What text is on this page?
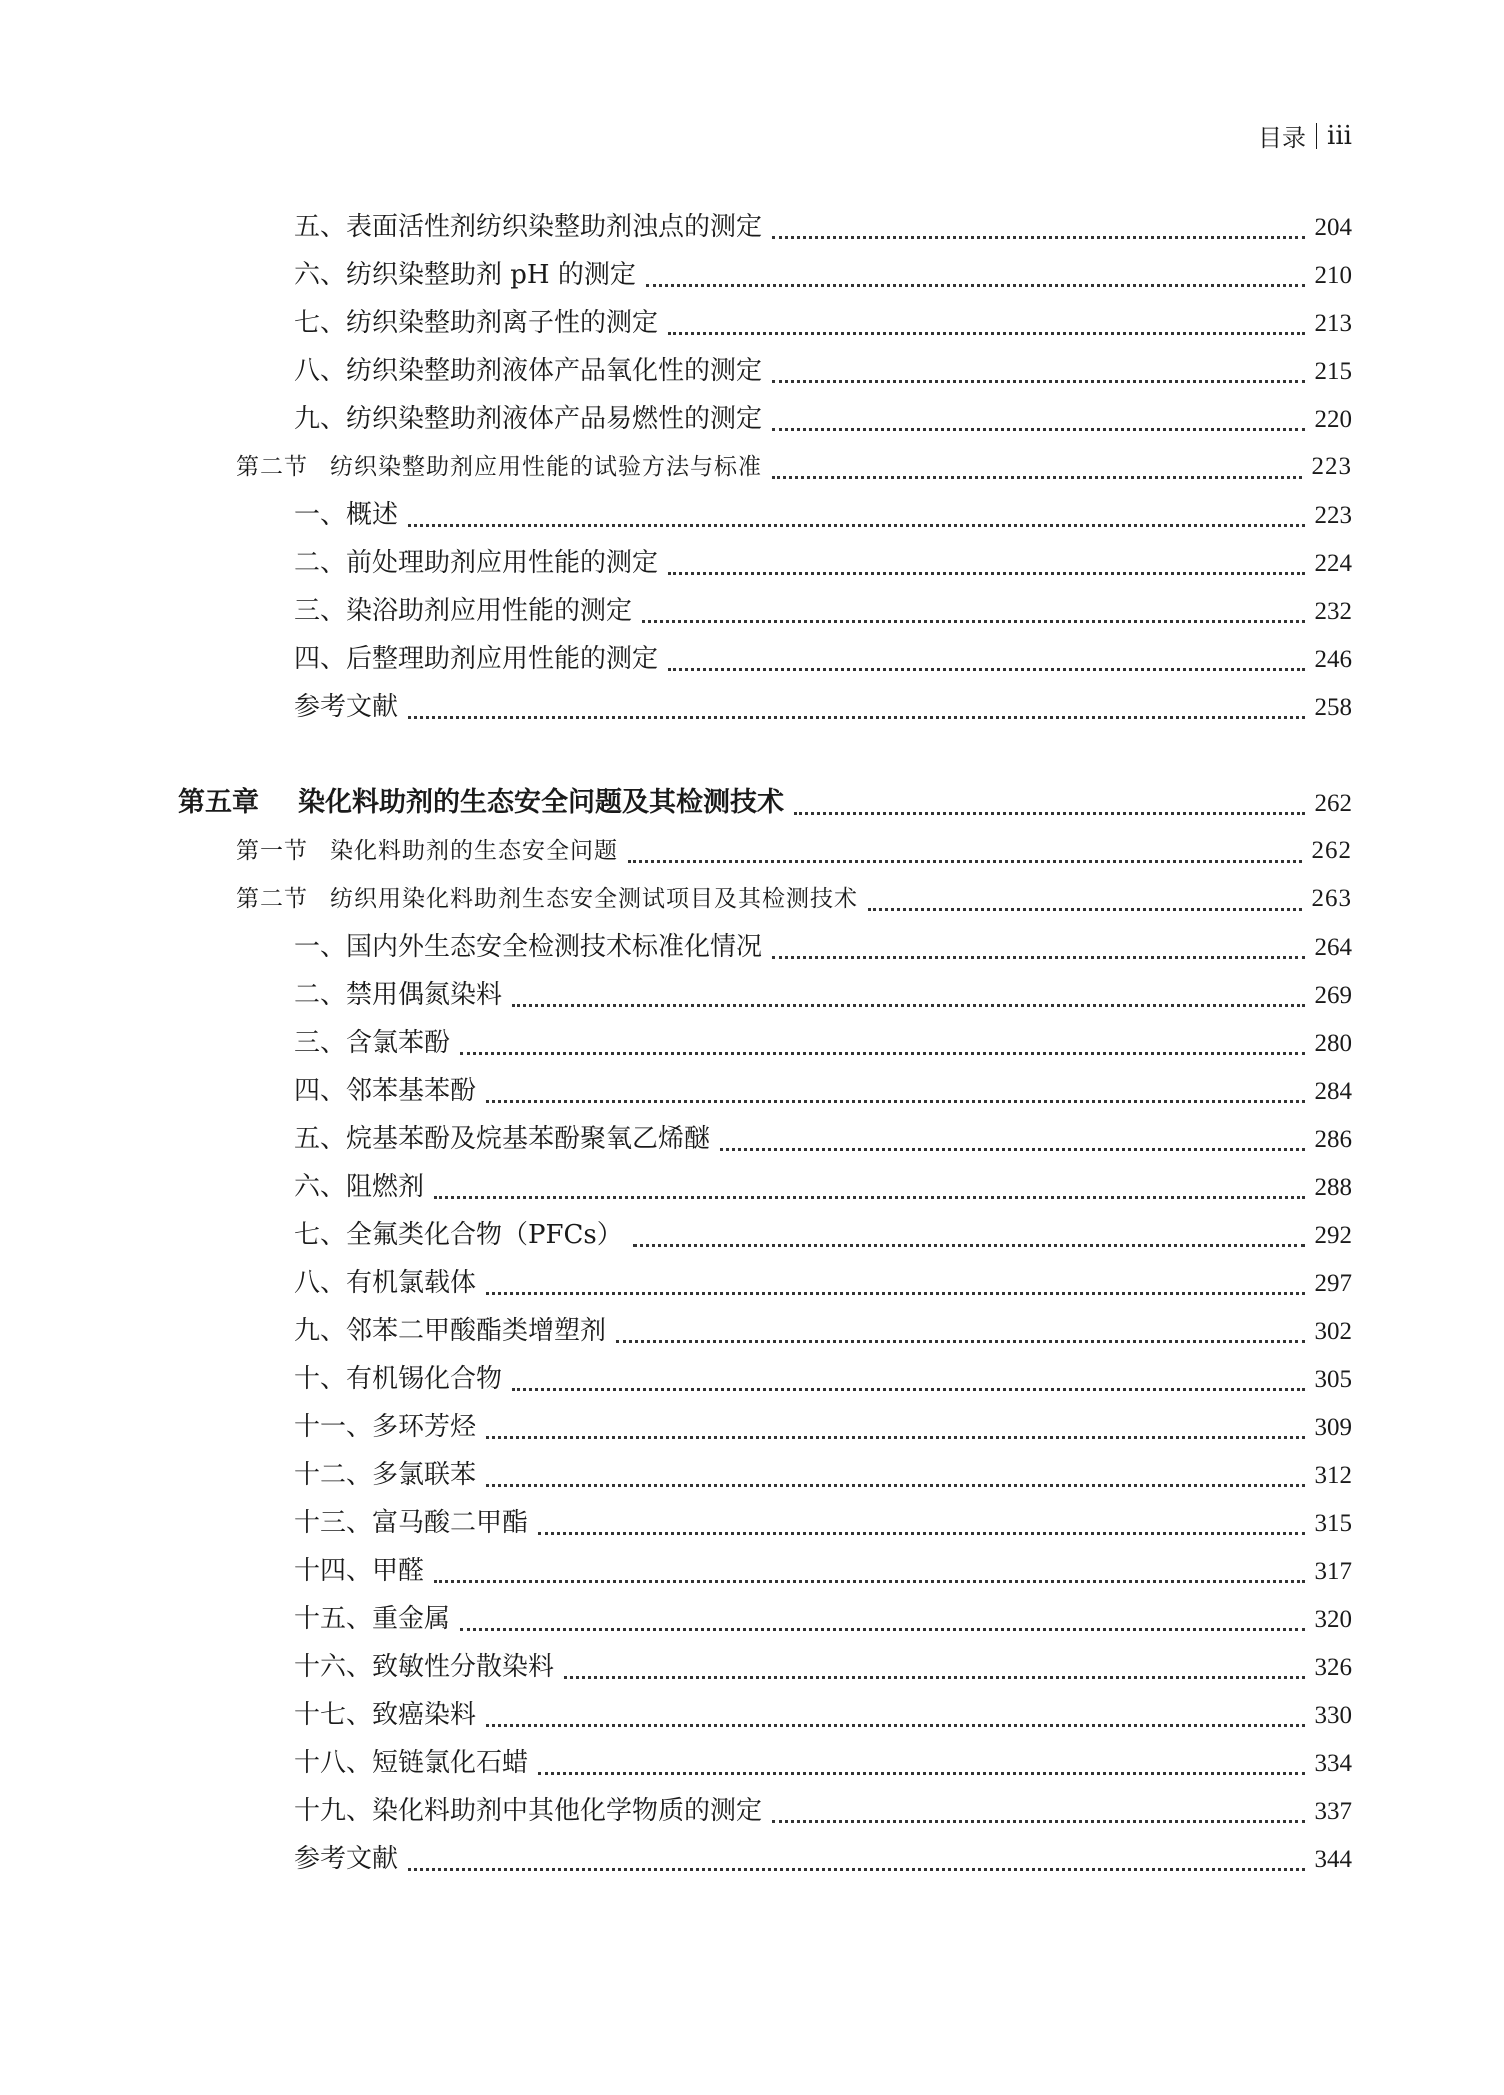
目录 iii
五、表面活性剂纺织染整助剂浊点的测定	204
六、纺织染整助剂 pH 的测定	210
七、纺织染整助剂离子性的测定	213
八、纺织染整助剂液体产品氧化性的测定	215
九、纺织染整助剂液体产品易燃性的测定	220
第二节 纺织染整助剂应用性能的试验方法与标准	223
一、概述	223
二、前处理助剂应用性能的测定	224
三、染浴助剂应用性能的测定	232
四、后整理助剂应用性能的测定	246
参考文献	258
第五章 染化料助剂的生态安全问题及其检测技术	262
第一节 染化料助剂的生态安全问题	262
第二节 纺织用染化料助剂生态安全测试项目及其检测技术	263
一、国内外生态安全检测技术标准化情况	264
二、禁用偶氮染料	269
三、含氯苯酚	280
四、邻苯基苯酚	284
五、烷基苯酚及烷基苯酚聚氧乙烯醚	286
六、阻燃剂	288
七、全氟类化合物（PFCs）	292
八、有机氯载体	297
九、邻苯二甲酸酯类增塑剂	302
十、有机锡化合物	305
十一、多环芳烃	309
十二、多氯联苯	312
十三、富马酸二甲酯	315
十四、甲醛	317
十五、重金属	320
十六、致敏性分散染料	326
十七、致癌染料	330
十八、短链氯化石蜡	334
十九、染化料助剂中其他化学物质的测定	337
参考文献	344
